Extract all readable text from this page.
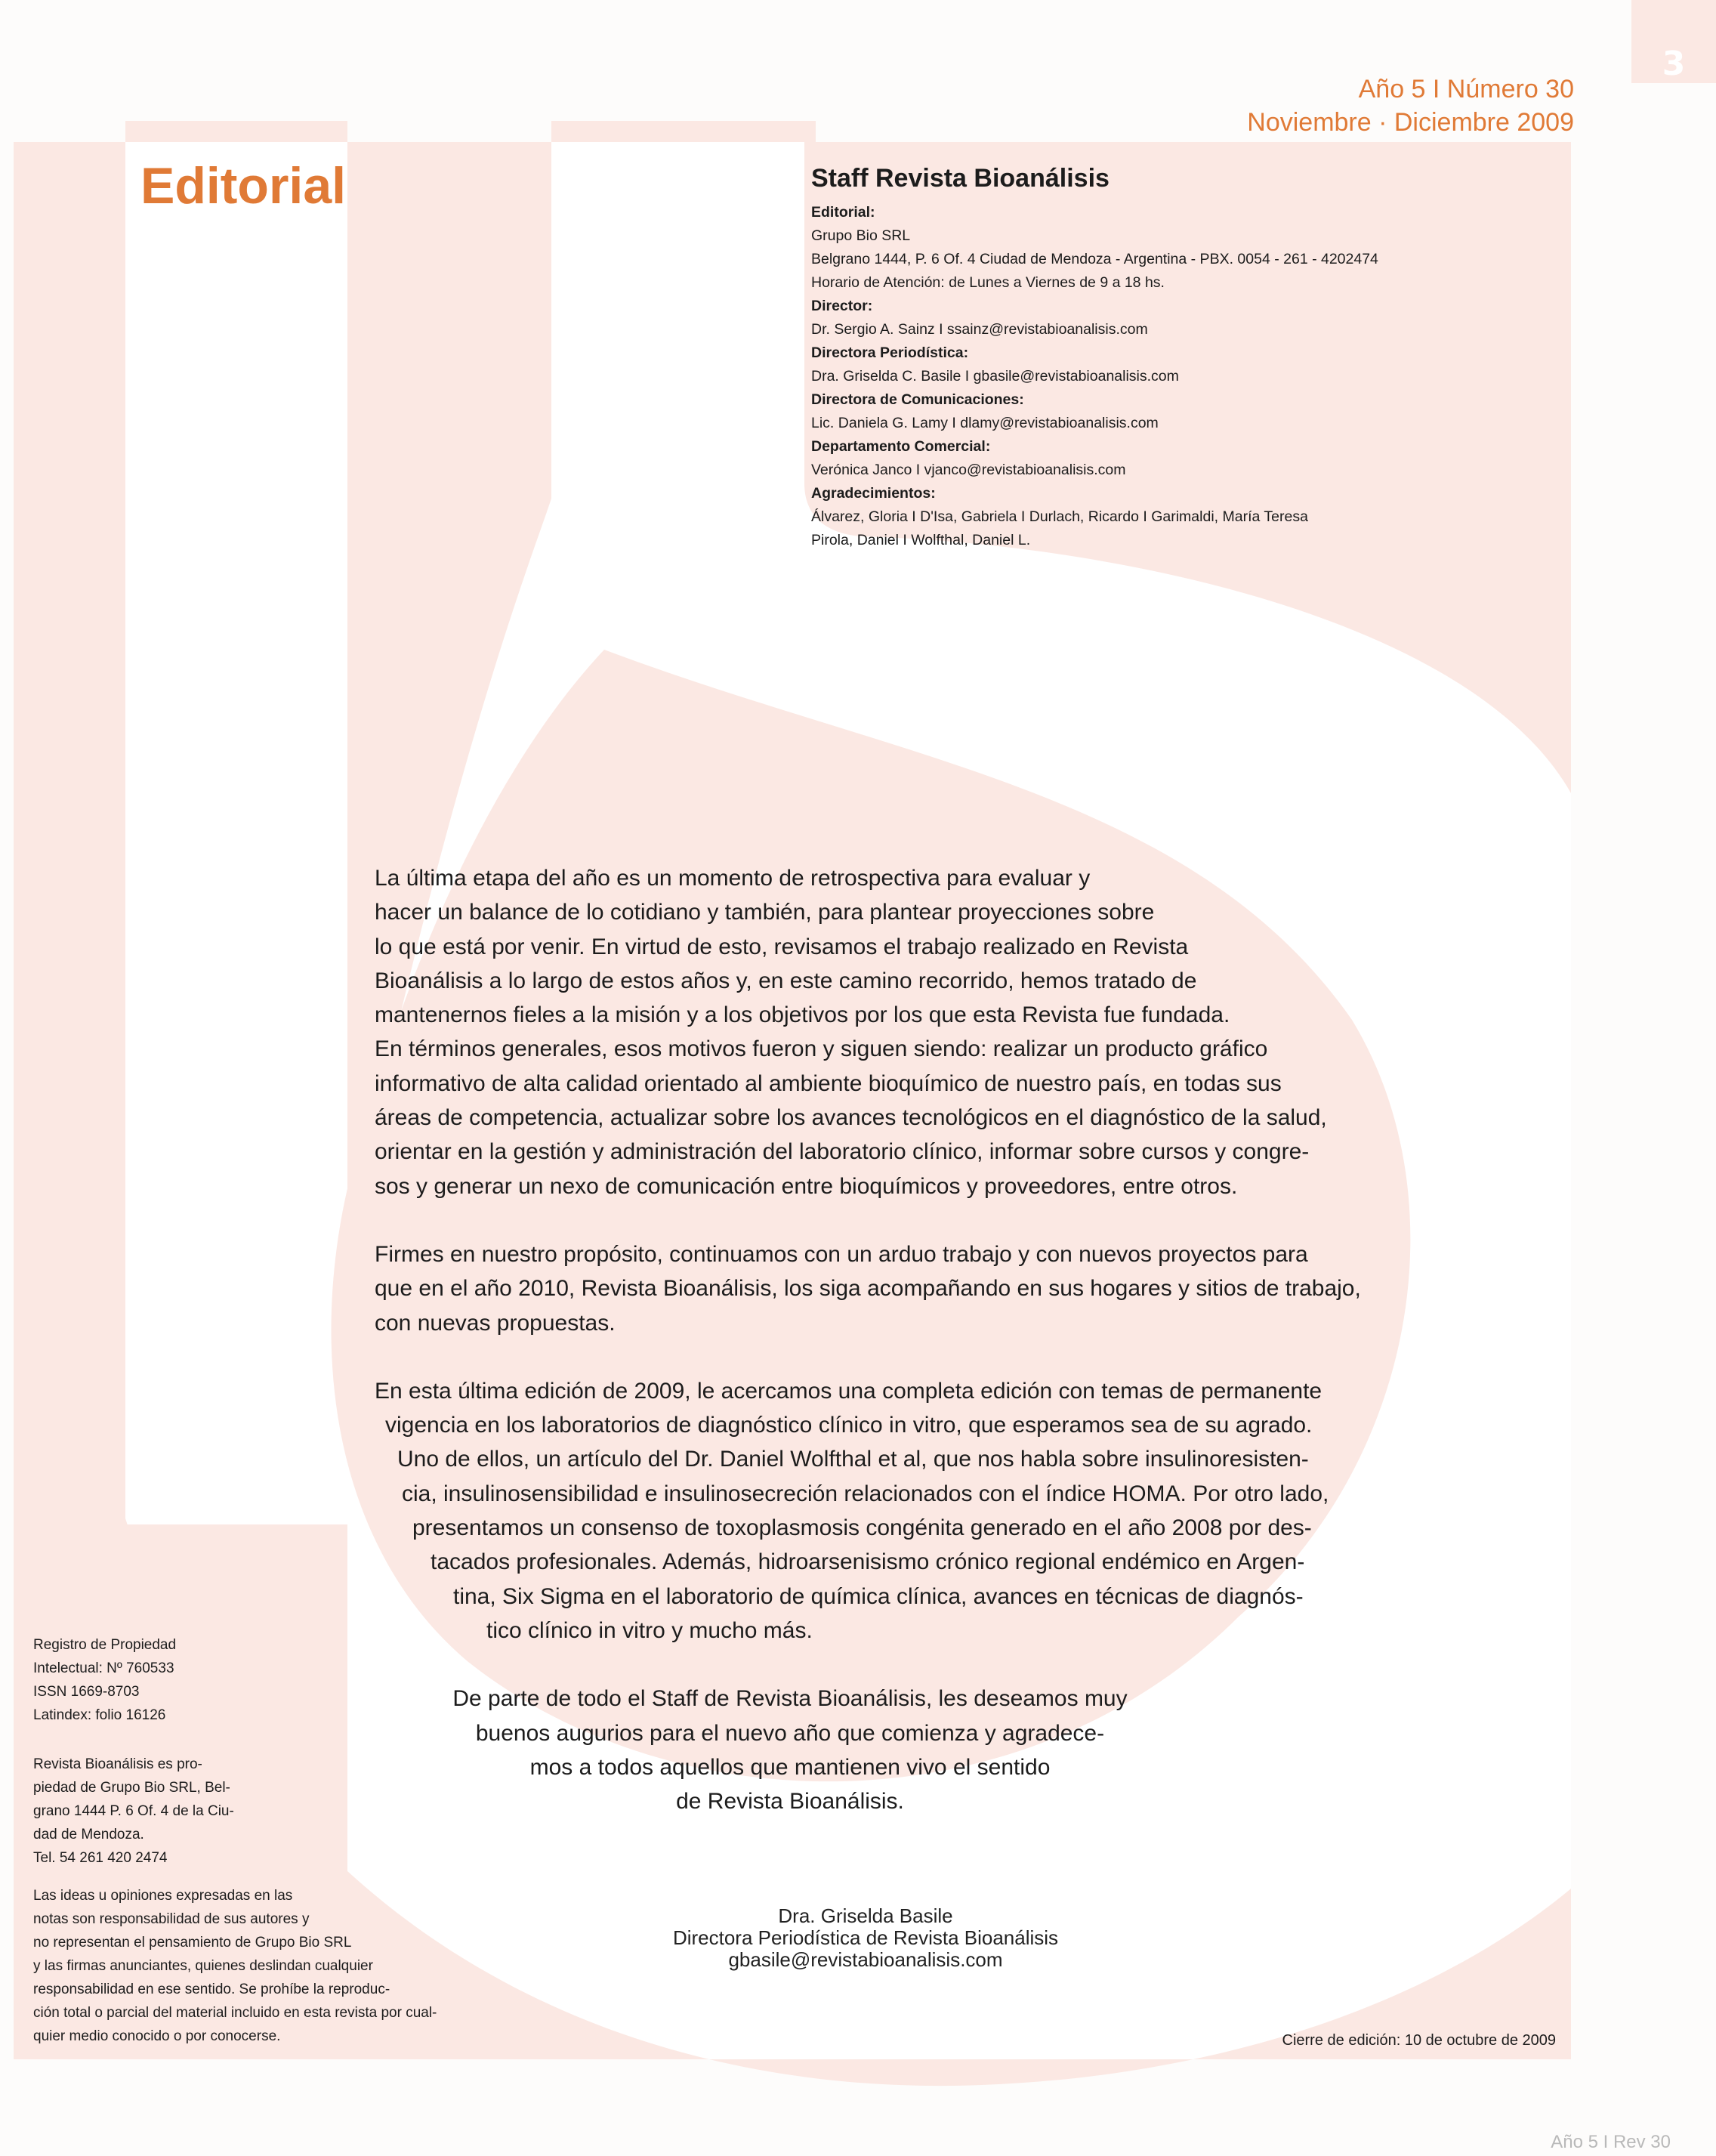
3
Año 5 I Número 30
Noviembre · Diciembre 2009
Editorial	Staff Revista Bioanálisis

Editorial:

Grupo Bio SRL

Belgrano 1444, P. 6 Of. 4 Ciudad de Mendoza - Argentina - PBX. 0054 - 261 - 4202474

Horario de Atención: de Lunes a Viernes de 9 a 18 hs.

Director:

Dr. Sergio A. Sainz I ssainz@revistabioanalisis.com

Directora Periodística:

Dra. Griselda C. Basile I gbasile@revistabioanalisis.com

Directora de Comunicaciones:

Lic. Daniela G. Lamy I dlamy@revistabioanalisis.com

Departamento Comercial:

Verónica Janco I vjanco@revistabioanalisis.com

Agradecimientos:

Álvarez, Gloria I D'Isa, Gabriela I Durlach, Ricardo I Garimaldi, María Teresa

Pirola, Daniel I Wolfthal, Daniel L.

La última etapa del año es un momento de retrospectiva para evaluar y

hacer un balance de lo cotidiano y también, para plantear proyecciones sobre

lo que está por venir. En virtud de esto, revisamos el trabajo realizado en Revista

Bioanálisis a lo largo de estos años y, en este camino recorrido, hemos tratado de

mantenernos fieles a la misión y a los objetivos por los que esta Revista fue fundada.

En términos generales, esos motivos fueron y siguen siendo: realizar un producto gráfico

informativo de alta calidad orientado al ambiente bioquímico de nuestro país, en todas sus

áreas de competencia, actualizar sobre los avances tecnológicos en el diagnóstico de la salud,

orientar en la gestión y administración del laboratorio clínico, informar sobre cursos y congre-

sos y generar un nexo de comunicación entre bioquímicos y proveedores, entre otros.

Firmes en nuestro propósito, continuamos con un arduo trabajo y con nuevos proyectos para

que en el año 2010, Revista Bioanálisis, los siga acompañando en sus hogares y sitios de trabajo,

con nuevas propuestas.

En esta última edición de 2009, le acercamos una completa edición con temas de permanente

vigencia en los laboratorios de diagnóstico clínico in vitro, que esperamos sea de su agrado.

Uno de ellos, un artículo del Dr. Daniel Wolfthal et al, que nos habla sobre insulinoresisten-

cia, insulinosensibilidad e insulinosecreción relacionados con el índice HOMA. Por otro lado,

presentamos un consenso de toxoplasmosis congénita generado en el año 2008 por des-

tacados profesionales. Además, hidroarsenisismo crónico regional endémico en Argen-

tina, Six Sigma en el laboratorio de química clínica, avances en técnicas de diagnós-

tico clínico in vitro y mucho más.

De parte de todo el Staff de Revista Bioanálisis, les deseamos muy

buenos augurios para el nuevo año que comienza y agradece-

mos a todos aquellos que mantienen vivo el sentido

de Revista Bioanálisis.

Dra. Griselda Basile
Directora Periodística de Revista Bioanálisis
gbasile@revistabioanalisis.com

Registro de Propiedad

Intelectual: Nº 760533

ISSN 1669-8703

Latindex: folio 16126

Revista Bioanálisis es pro-

piedad de Grupo Bio SRL, Bel-

grano 1444 P. 6 Of. 4 de la Ciu-

dad de Mendoza.

Tel. 54 261 420 2474

Las ideas u opiniones expresadas en las

notas son responsabilidad de sus autores y

no representan el pensamiento de Grupo Bio SRL

y las firmas anunciantes, quienes deslindan cualquier

responsabilidad en ese sentido. Se prohíbe la reproduc-

ción total o parcial del material incluido en esta revista por cual-

quier medio conocido o por conocerse.	Cierre de edición: 10 de octubre de 2009
Año 5 I Rev 30
